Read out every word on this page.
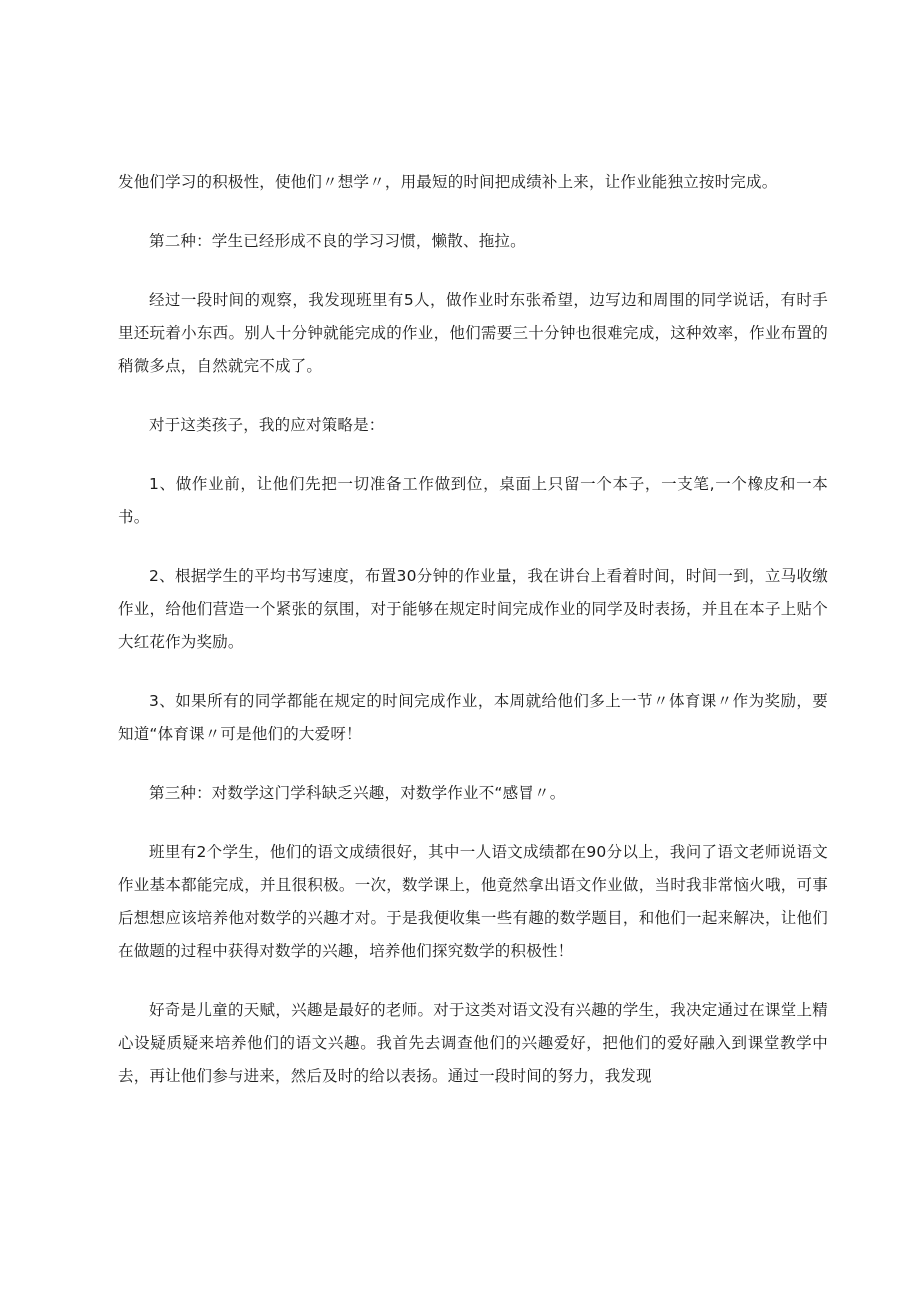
发他们学习的积极性，使他们〃想学〃，用最短的时间把成绩补上来，让作业能独立按时完成。

第二种：学生已经形成不良的学习习惯，懒散、拖拉。

经过一段时间的观察，我发现班里有5人，做作业时东张希望，边写边和周围的同学说话，有时手里还玩着小东西。别人十分钟就能完成的作业，他们需要三十分钟也很难完成，这种效率，作业布置的稍微多点，自然就完不成了。

对于这类孩子，我的应对策略是：

1、做作业前，让他们先把一切准备工作做到位，桌面上只留一个本子，一支笔,一个橡皮和一本书。

2、根据学生的平均书写速度，布置30分钟的作业量，我在讲台上看着时间，时间一到，立马收缴作业，给他们营造一个紧张的氛围，对于能够在规定时间完成作业的同学及时表扬，并且在本子上贴个大红花作为奖励。

3、如果所有的同学都能在规定的时间完成作业，本周就给他们多上一节〃体育课〃作为奖励，要知道“体育课〃可是他们的大爱呀！

第三种：对数学这门学科缺乏兴趣，对数学作业不“感冒〃。

班里有2个学生，他们的语文成绩很好，其中一人语文成绩都在90分以上，我问了语文老师说语文作业基本都能完成，并且很积极。一次，数学课上，他竟然拿出语文作业做，当时我非常恼火哦，可事后想想应该培养他对数学的兴趣才对。于是我便收集一些有趣的数学题目，和他们一起来解决，让他们在做题的过程中获得对数学的兴趣，培养他们探究数学的积极性！

好奇是儿童的天赋，兴趣是最好的老师。对于这类对语文没有兴趣的学生，我决定通过在课堂上精心设疑质疑来培养他们的语文兴趣。我首先去调查他们的兴趣爱好，把他们的爱好融入到课堂教学中去，再让他们参与进来，然后及时的给以表扬。通过一段时间的努力，我发现
